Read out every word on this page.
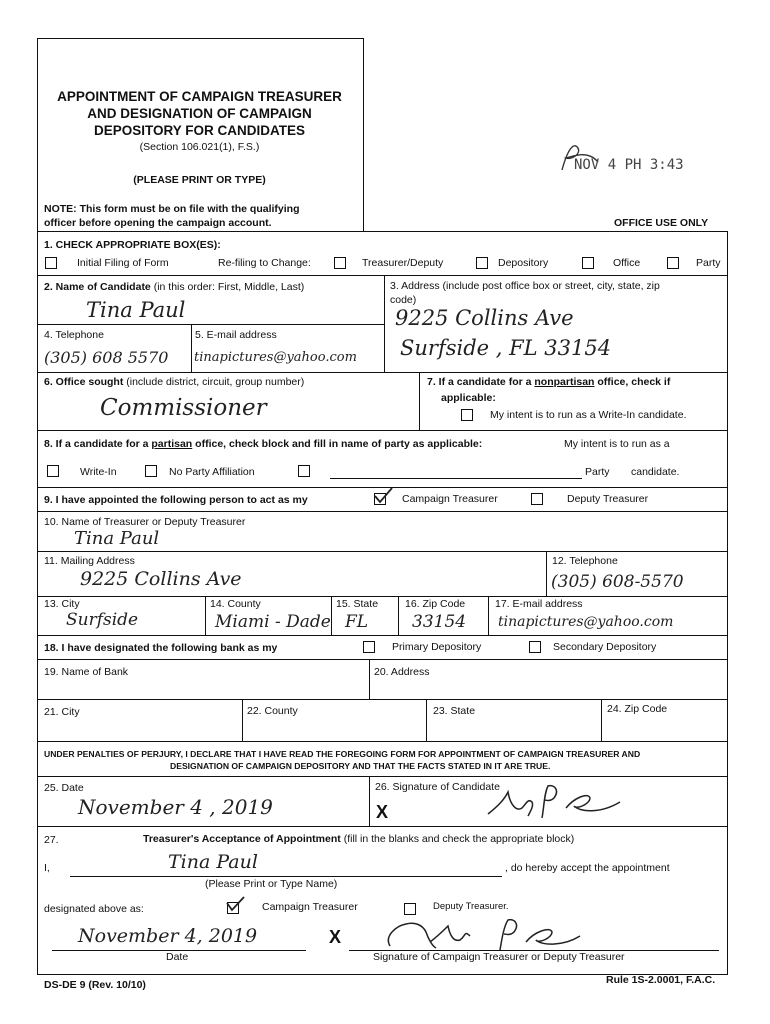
APPOINTMENT OF CAMPAIGN TREASURER
AND DESIGNATION OF CAMPAIGN
DEPOSITORY FOR CANDIDATES
(Section 106.021(1), F.S.)
(PLEASE PRINT OR TYPE)
NOTE: This form must be on file with the qualifying
officer before opening the campaign account.
NOV 4 PH 3:43
OFFICE USE ONLY
1. CHECK APPROPRIATE BOX(ES):
Initial Filing of Form	Re-filing to Change:	Treasurer/Deputy	Depository	Office	Party
2. Name of Candidate (in this order: First, Middle, Last)
Tina Paul
3. Address (include post office box or street, city, state, zip
code)
9225 Collins Ave
Surfside , FL 33154
4. Telephone
(305) 608 5570
5. E-mail address
tinapictures@yahoo.com
6. Office sought (include district, circuit, group number)
Commissioner
7. If a candidate for a nonpartisan office, check if
applicable:
My intent is to run as a Write-In candidate.
8. If a candidate for a partisan office, check block and fill in name of party as applicable:	My intent is to run as a
Write-In	No Party Affiliation	Party candidate.
9. I have appointed the following person to act as my	Campaign Treasurer	Deputy Treasurer
10. Name of Treasurer or Deputy Treasurer
Tina Paul
11. Mailing Address
9225 Collins Ave
12. Telephone
(305) 608-5570
13. City
Surfside
14. County
Miami - Dade
15. State
FL
16. Zip Code
33154
17. E-mail address
tinapictures@yahoo.com
18. I have designated the following bank as my	Primary Depository	Secondary Depository
19. Name of Bank	20. Address
21. City	22. County	23. State	24. Zip Code
UNDER PENALTIES OF PERJURY, I DECLARE THAT I HAVE READ THE FOREGOING FORM FOR APPOINTMENT OF CAMPAIGN TREASURER AND
DESIGNATION OF CAMPAIGN DEPOSITORY AND THAT THE FACTS STATED IN IT ARE TRUE.
25. Date
November 4 , 2019
26. Signature of Candidate
X
27.	Treasurer's Acceptance of Appointment (fill in the blanks and check the appropriate block)
I,	Tina Paul	, do hereby accept the appointment
(Please Print or Type Name)
designated above as:	Campaign Treasurer	Deputy Treasurer.
November 4, 2019	X
Date	Signature of Campaign Treasurer or Deputy Treasurer
DS-DE 9 (Rev. 10/10)	Rule 1S-2.0001, F.A.C.
